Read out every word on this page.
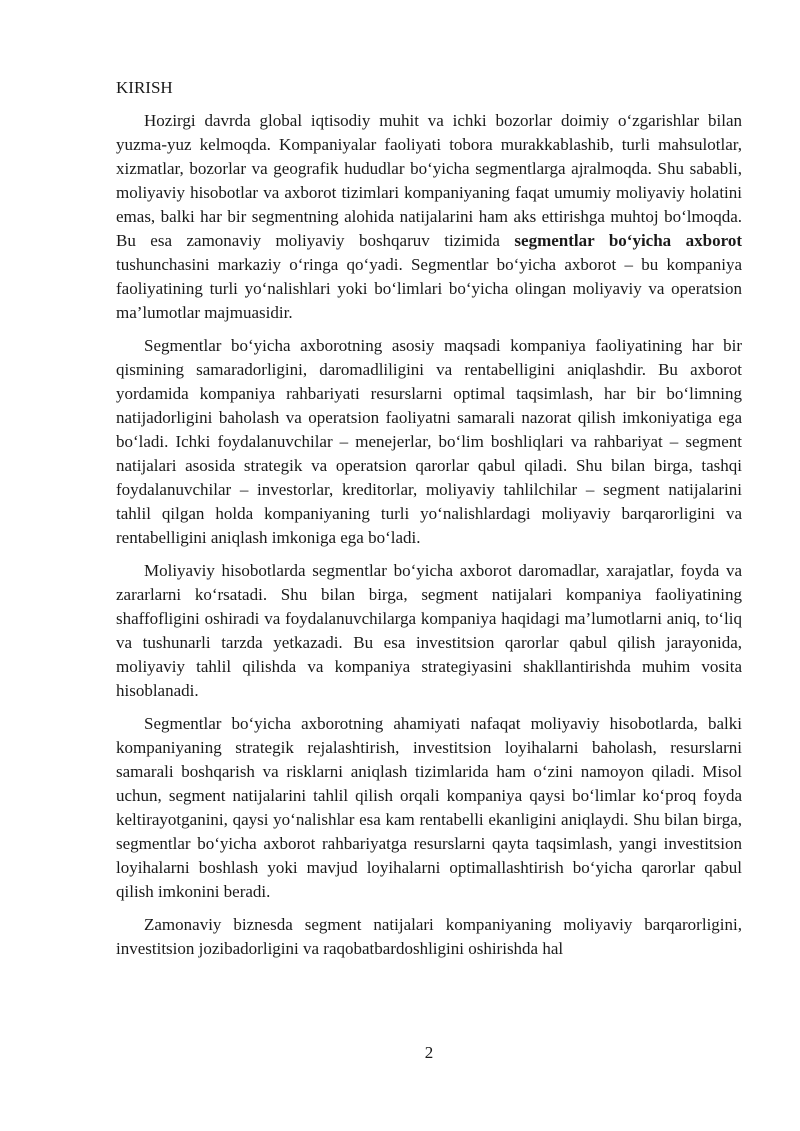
KIRISH

Hozirgi davrda global iqtisodiy muhit va ichki bozorlar doimiy o‘zgarishlar bilan yuzma-yuz kelmoqda. Kompaniyalar faoliyati tobora murakkablashib, turli mahsulotlar, xizmatlar, bozorlar va geografik hududlar bo‘yicha segmentlarga ajralmoqda. Shu sababli, moliyaviy hisobotlar va axborot tizimlari kompaniyaning faqat umumiy moliyaviy holatini emas, balki har bir segmentning alohida natijalarini ham aks ettirishga muhtoj bo‘lmoqda. Bu esa zamonaviy moliyaviy boshqaruv tizimida segmentlar bo‘yicha axborot tushunchasini markaziy o‘ringa qo‘yadi. Segmentlar bo‘yicha axborot – bu kompaniya faoliyatining turli yo‘nalishlari yoki bo‘limlari bo‘yicha olingan moliyaviy va operatsion ma’lumotlar majmuasidir.

Segmentlar bo‘yicha axborotning asosiy maqsadi kompaniya faoliyatining har bir qismining samaradorligini, daromadliligini va rentabelligini aniqlashdir. Bu axborot yordamida kompaniya rahbariyati resurslarni optimal taqsimlash, har bir bo‘limning natijadorligini baholash va operatsion faoliyatni samarali nazorat qilish imkoniyatiga ega bo‘ladi. Ichki foydalanuvchilar – menejerlar, bo‘lim boshliqlari va rahbariyat – segment natijalari asosida strategik va operatsion qarorlar qabul qiladi. Shu bilan birga, tashqi foydalanuvchilar – investorlar, kreditorlar, moliyaviy tahlilchilar – segment natijalarini tahlil qilgan holda kompaniyaning turli yo‘nalishlardagi moliyaviy barqarorligini va rentabelligini aniqlash imkoniga ega bo‘ladi.

Moliyaviy hisobotlarda segmentlar bo‘yicha axborot daromadlar, xarajatlar, foyda va zararlarni ko‘rsatadi. Shu bilan birga, segment natijalari kompaniya faoliyatining shaffofligini oshiradi va foydalanuvchilarga kompaniya haqidagi ma’lumotlarni aniq, to‘liq va tushunarli tarzda yetkazadi. Bu esa investitsion qarorlar qabul qilish jarayonida, moliyaviy tahlil qilishda va kompaniya strategiyasini shakllantirishda muhim vosita hisoblanadi.

Segmentlar bo‘yicha axborotning ahamiyati nafaqat moliyaviy hisobotlarda, balki kompaniyaning strategik rejalashtirish, investitsion loyihalarni baholash, resurslarni samarali boshqarish va risklarni aniqlash tizimlarida ham o‘zini namoyon qiladi. Misol uchun, segment natijalarini tahlil qilish orqali kompaniya qaysi bo‘limlar ko‘proq foyda keltirayotganini, qaysi yo‘nalishlar esa kam rentabelli ekanligini aniqlaydi. Shu bilan birga, segmentlar bo‘yicha axborot rahbariyatga resurslarni qayta taqsimlash, yangi investitsion loyihalarni boshlash yoki mavjud loyihalarni optimallashtirish bo‘yicha qarorlar qabul qilish imkonini beradi.

Zamonaviy biznesda segment natijalari kompaniyaning moliyaviy barqarorligini, investitsion jozibadorligini va raqobatbardoshligini oshirishda hal

2
